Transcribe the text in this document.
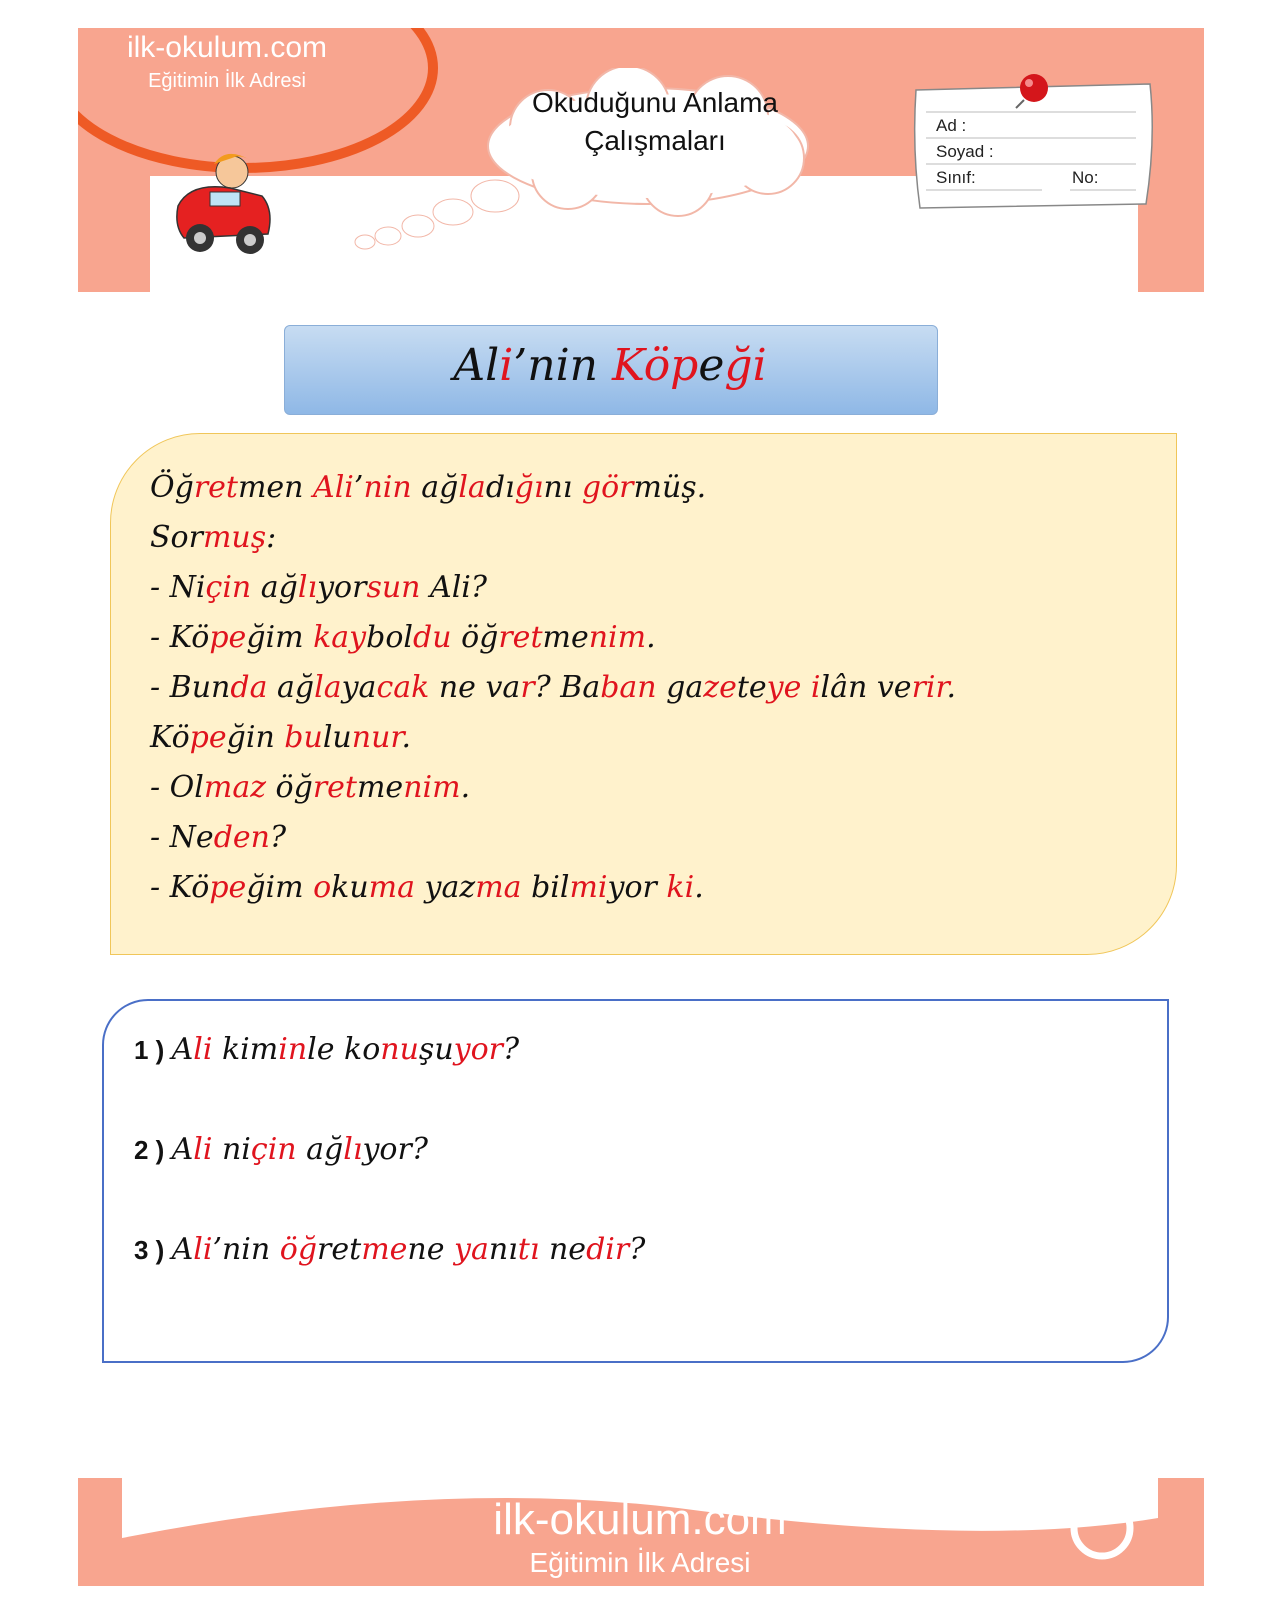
ilk-okulum.com
Eğitimin İlk Adresi
Okuduğunu Anlama
Çalışmaları	Ad :
Soyad :
Sınıf:	No:
Ali’nin Köpeği
Öğretmen Ali’nin ağladığını görmüş.
Sormuş:
- Niçin ağlıyorsun Ali?
- Köpeğim kayboldu öğretmenim.
- Bunda ağlayacak ne var? Baban gazeteye ilân verir.
Köpeğin bulunur.
- Olmaz öğretmenim.
- Neden?
- Köpeğim okuma yazma bilmiyor ki.
1 ) Ali kiminle konuşuyor?
2 ) Ali niçin ağlıyor?
3 ) Ali’nin öğretmene yanıtı nedir?
ilk-okulum.com
Eğitimin İlk Adresi
